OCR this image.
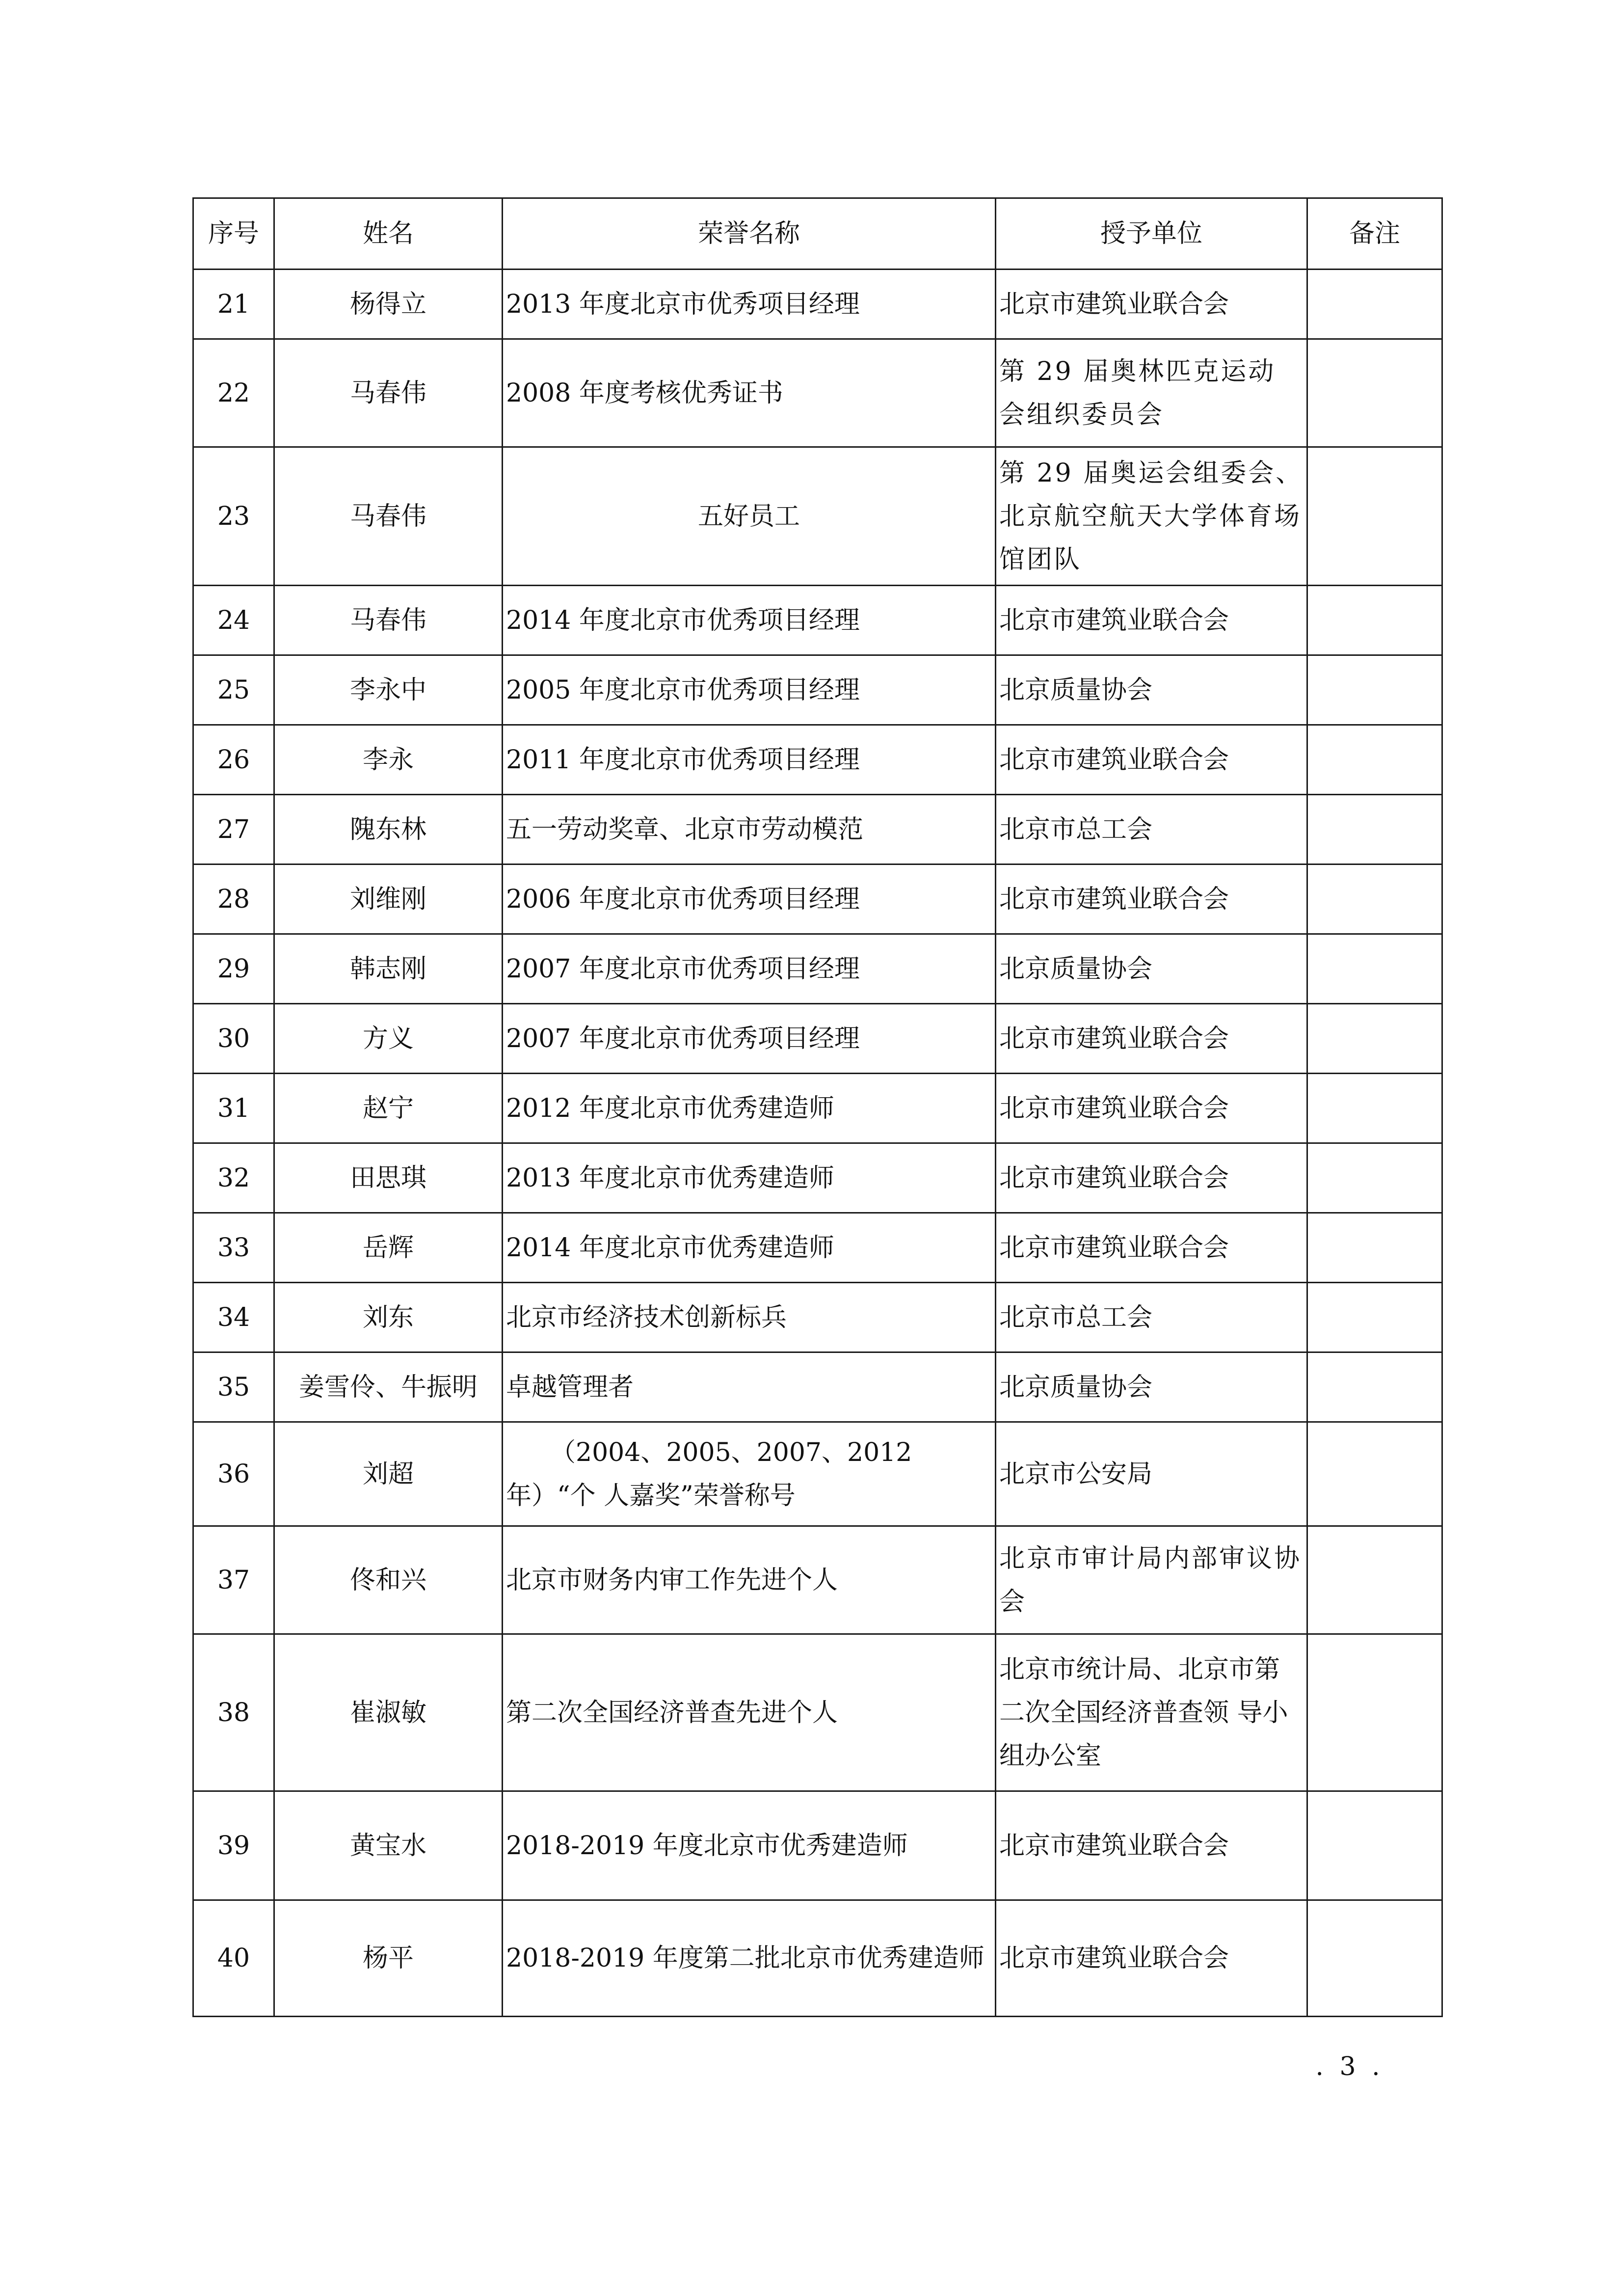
序号	姓名	荣誉名称	授予单位	备注
21	杨得立	2013 年度北京市优秀项目经理	北京市建筑业联合会	
22	马春伟	2008 年度考核优秀证书	第 29 届奥林匹克运动 会组织委员会	
23	马春伟	五好员工	第 29 届奥运会组委会、北京航空航天大学体育场馆团队	
24	马春伟	2014 年度北京市优秀项目经理	北京市建筑业联合会	
25	李永中	2005 年度北京市优秀项目经理	北京质量协会	
26	李永	2011 年度北京市优秀项目经理	北京市建筑业联合会	
27	隗东林	五一劳动奖章、北京市劳动模范	北京市总工会	
28	刘维刚	2006 年度北京市优秀项目经理	北京市建筑业联合会	
29	韩志刚	2007 年度北京市优秀项目经理	北京质量协会	
30	方义	2007 年度北京市优秀项目经理	北京市建筑业联合会	
31	赵宁	2012 年度北京市优秀建造师	北京市建筑业联合会	
32	田思琪	2013 年度北京市优秀建造师	北京市建筑业联合会	
33	岳辉	2014 年度北京市优秀建造师	北京市建筑业联合会	
34	刘东	北京市经济技术创新标兵	北京市总工会	
35	姜雪伶、牛振明	卓越管理者	北京质量协会	
36	刘超	（2004、2005、2007、2012 年）“个 人嘉奖”荣誉称号	北京市公安局	
37	佟和兴	北京市财务内审工作先进个人	北京市审计局内部审议协会	
38	崔淑敏	第二次全国经济普查先进个人	北京市统计局、北京市第二次全国经济普查领 导小组办公室	
39	黄宝水	2018-2019 年度北京市优秀建造师	北京市建筑业联合会	
40	杨平	2018-2019 年度第二批北京市优秀建造师	北京市建筑业联合会	
. 3 .
